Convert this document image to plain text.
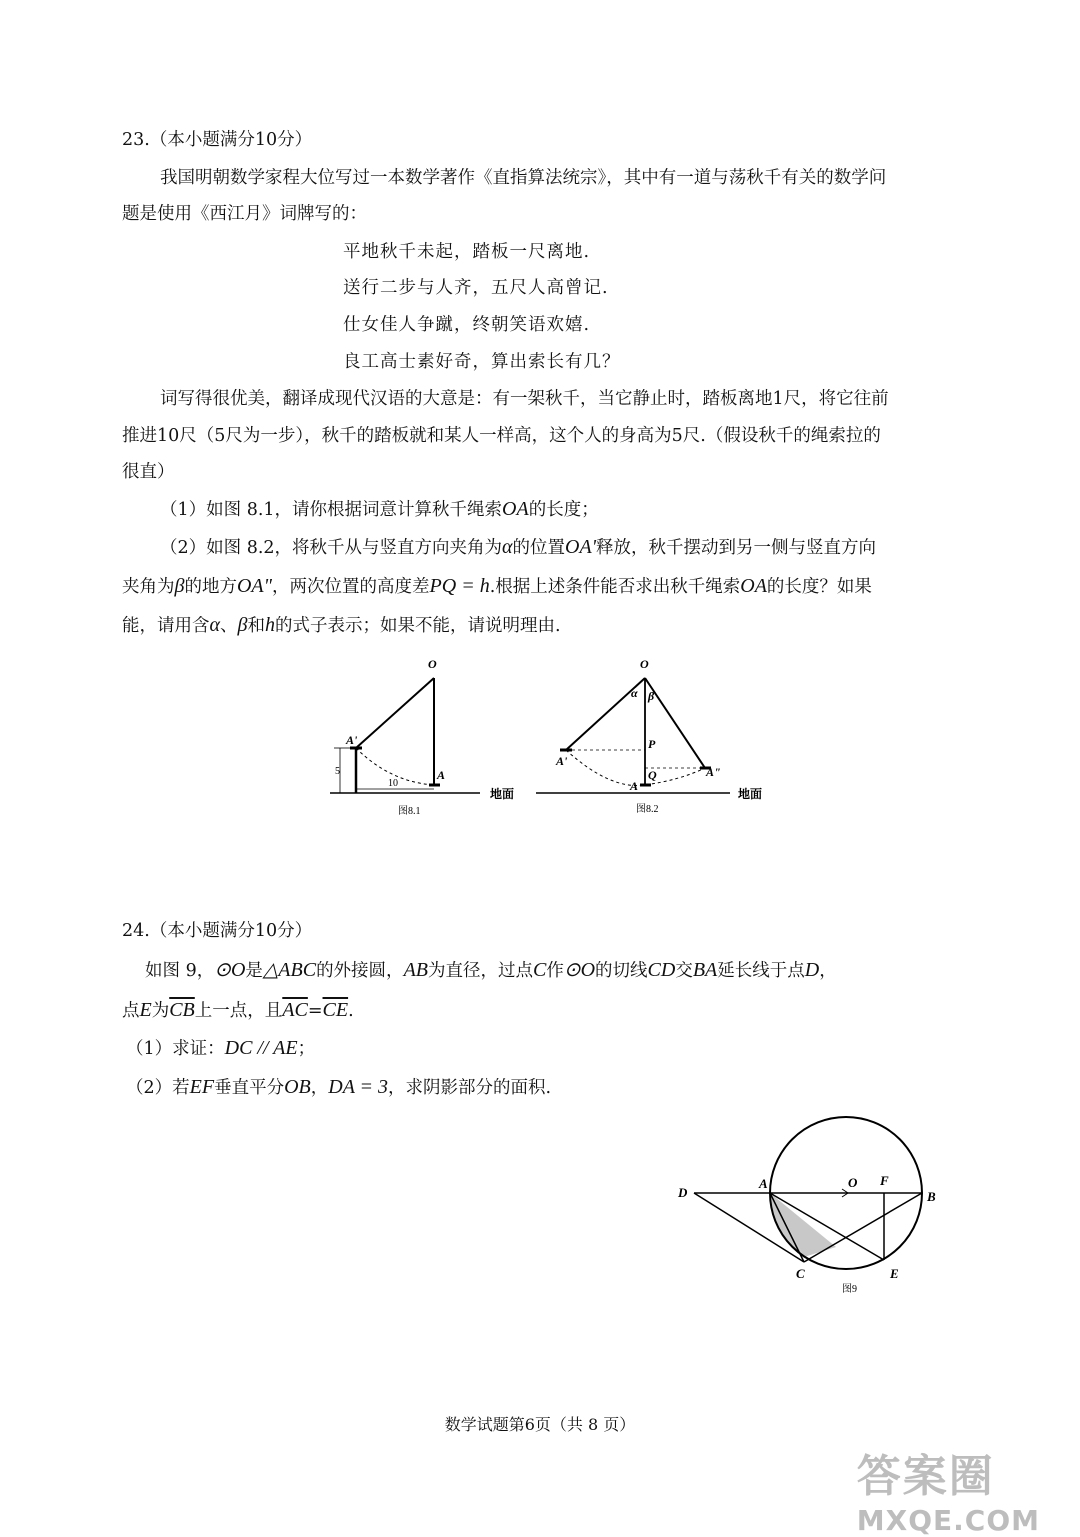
23.（本小题满分10分）
我国明朝数学家程大位写过一本数学著作《直指算法统宗》，其中有一道与荡秋千有关的数学问
题是使用《西江月》词牌写的：
平地秋千未起，踏板一尺离地.
送行二步与人齐，五尺人高曾记.
仕女佳人争蹴，终朝笑语欢嬉.
良工高士素好奇，算出索长有几？
词写得很优美，翻译成现代汉语的大意是：有一架秋千，当它静止时，踏板离地1尺，将它往前
推进10尺（5尺为一步），秋千的踏板就和某人一样高，这个人的身高为5尺.（假设秋千的绳索拉的
很直）
（1）如图 8.1，请你根据词意计算秋千绳索OA的长度；
（2）如图 8.2，将秋千从与竖直方向夹角为α的位置OA'释放，秋千摆动到另一侧与竖直方向
夹角为β的地方OA"，两次位置的高度差PQ = h.根据上述条件能否求出秋千绳索OA的长度？如果
能，请用含α、β和h的式子表示；如果不能，请说明理由.
O
A'
A
5
10
地面
图8.1
O
α β
P
Q
A'
A
A"
地面
图8.2
24.（本小题满分10分）
如图 9，⊙O是△ABC的外接圆，AB为直径，过点C作⊙O的切线CD交BA延长线于点D，
点E为$\overline{CB}$上一点，且$\overline{AC}=\overline{CE}$.
（1）求证：DC // AE；
（2）若EF垂直平分OB，DA = 3，求阴影部分的面积.
D
A	O F
B
C	E
图9
数学试题第6页（共 8 页）
答案圈
MXQE.COM
